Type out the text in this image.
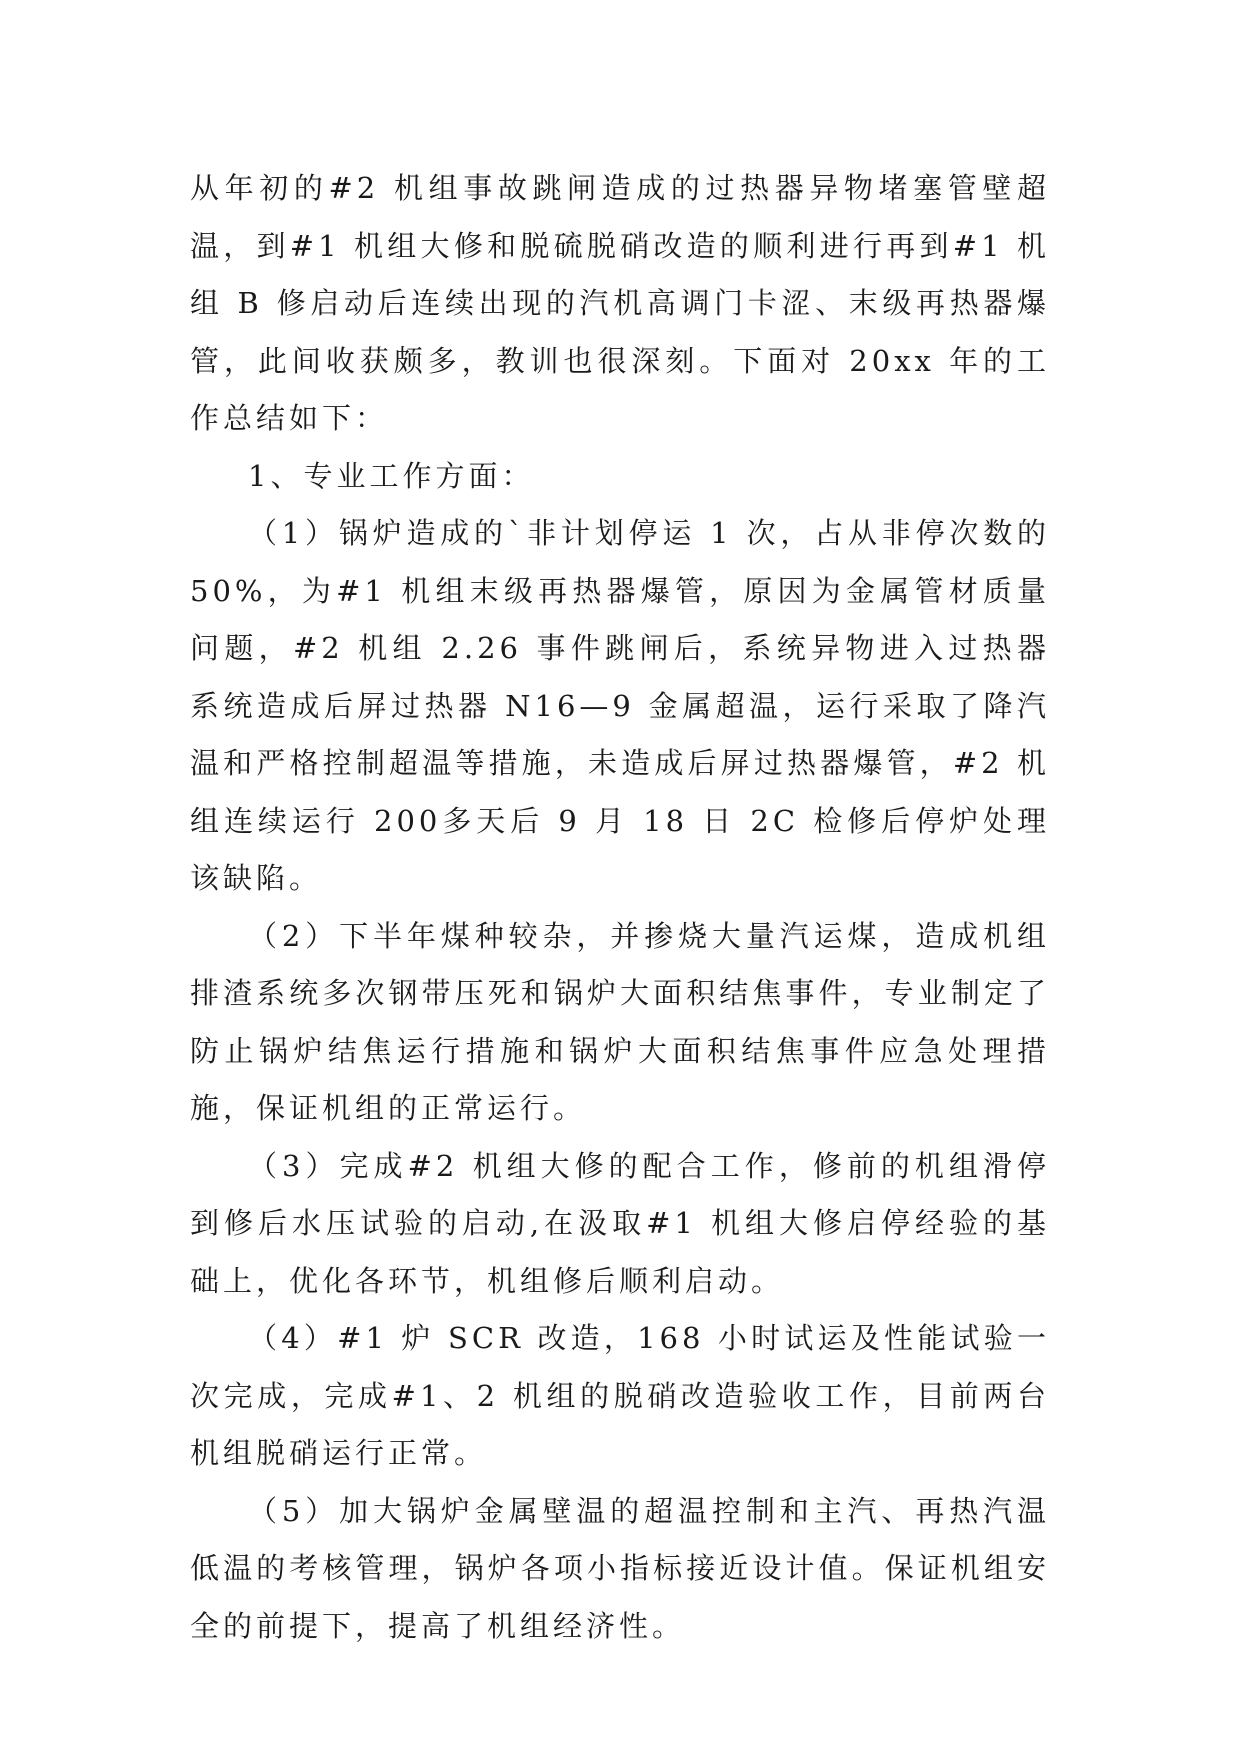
从年初的#2 机组事故跳闸造成的过热器异物堵塞管壁超温，到#1 机组大修和脱硫脱硝改造的顺利进行再到#1 机组 B 修启动后连续出现的汽机高调门卡涩、末级再热器爆管，此间收获颇多，教训也很深刻。下面对 20xx 年的工作总结如下：

1、专业工作方面：

（1）锅炉造成的`非计划停运 1 次，占从非停次数的50%，为#1 机组末级再热器爆管，原因为金属管材质量问题，#2 机组 2.26 事件跳闸后，系统异物进入过热器系统造成后屏过热器 N16—9 金属超温，运行采取了降汽温和严格控制超温等措施，未造成后屏过热器爆管，#2 机组连续运行 200多天后 9 月 18 日 2C 检修后停炉处理该缺陷。

（2）下半年煤种较杂，并掺烧大量汽运煤，造成机组排渣系统多次钢带压死和锅炉大面积结焦事件，专业制定了防止锅炉结焦运行措施和锅炉大面积结焦事件应急处理措施，保证机组的正常运行。

（3）完成#2 机组大修的配合工作，修前的机组滑停到修后水压试验的启动,在汲取#1 机组大修启停经验的基础上，优化各环节，机组修后顺利启动。

（4）#1 炉 SCR 改造，168 小时试运及性能试验一次完成，完成#1、2 机组的脱硝改造验收工作，目前两台机组脱硝运行正常。

（5）加大锅炉金属壁温的超温控制和主汽、再热汽温低温的考核管理，锅炉各项小指标接近设计值。保证机组安全的前提下，提高了机组经济性。
